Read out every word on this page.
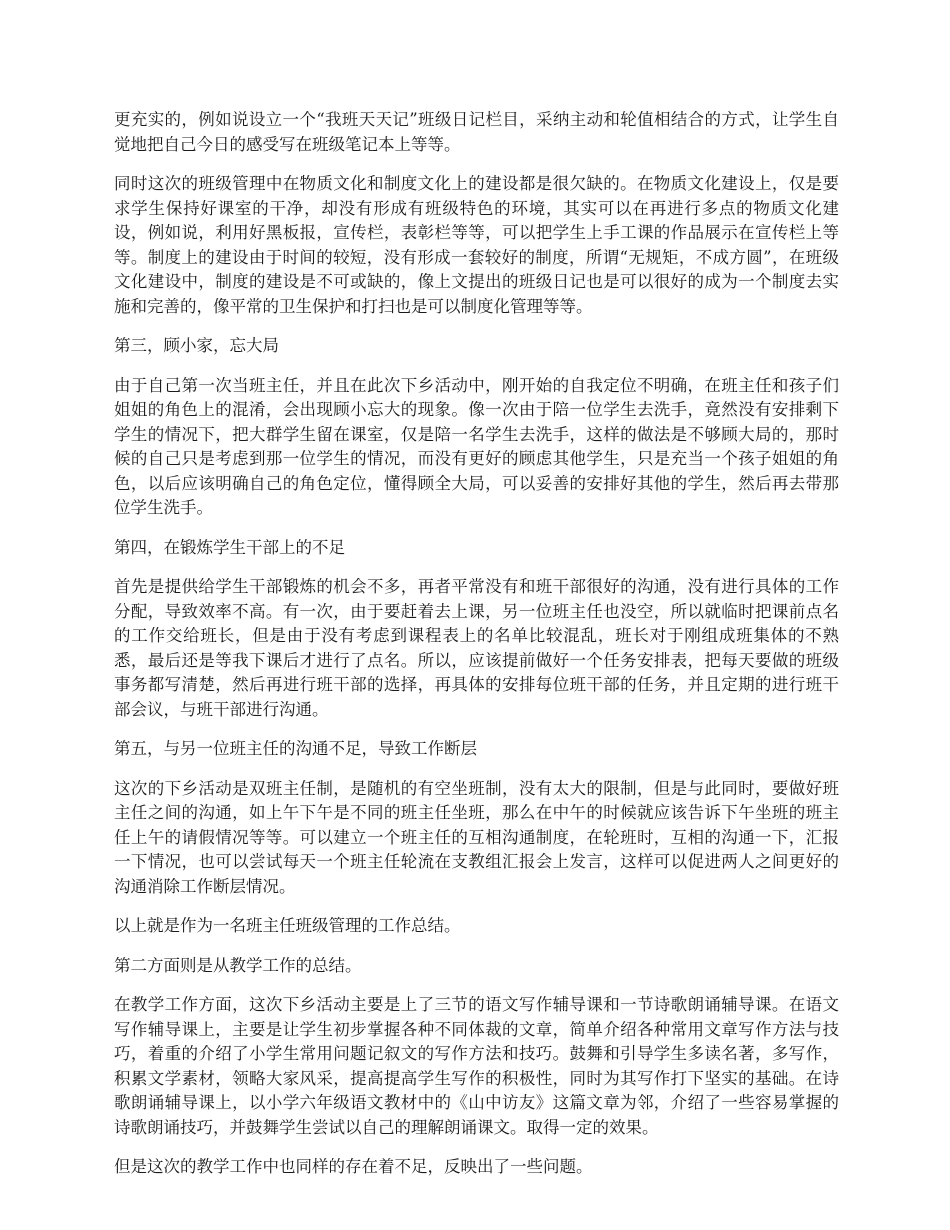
更充实的，例如说设立一个“我班天天记”班级日记栏目，采纳主动和轮值相结合的方式，让学生自觉地把自己今日的感受写在班级笔记本上等等。

同时这次的班级管理中在物质文化和制度文化上的建设都是很欠缺的。在物质文化建设上，仅是要求学生保持好课室的干净，却没有形成有班级特色的环境，其实可以在再进行多点的物质文化建设，例如说，利用好黑板报，宣传栏，表彰栏等等，可以把学生上手工课的作品展示在宣传栏上等等。制度上的建设由于时间的较短，没有形成一套较好的制度，所谓“无规矩，不成方圆”，在班级文化建设中，制度的建设是不可或缺的，像上文提出的班级日记也是可以很好的成为一个制度去实施和完善的，像平常的卫生保护和打扫也是可以制度化管理等等。

第三，顾小家，忘大局

由于自己第一次当班主任，并且在此次下乡活动中，刚开始的自我定位不明确，在班主任和孩子们姐姐的角色上的混淆，会出现顾小忘大的现象。像一次由于陪一位学生去洗手，竟然没有安排剩下学生的情况下，把大群学生留在课室，仅是陪一名学生去洗手，这样的做法是不够顾大局的，那时候的自己只是考虑到那一位学生的情况，而没有更好的顾虑其他学生，只是充当一个孩子姐姐的角色，以后应该明确自己的角色定位，懂得顾全大局，可以妥善的安排好其他的学生，然后再去带那位学生洗手。

第四，在锻炼学生干部上的不足

首先是提供给学生干部锻炼的机会不多，再者平常没有和班干部很好的沟通，没有进行具体的工作分配，导致效率不高。有一次，由于要赶着去上课，另一位班主任也没空，所以就临时把课前点名的工作交给班长，但是由于没有考虑到课程表上的名单比较混乱，班长对于刚组成班集体的不熟悉，最后还是等我下课后才进行了点名。所以，应该提前做好一个任务安排表，把每天要做的班级事务都写清楚，然后再进行班干部的选择，再具体的安排每位班干部的任务，并且定期的进行班干部会议，与班干部进行沟通。

第五，与另一位班主任的沟通不足，导致工作断层

这次的下乡活动是双班主任制，是随机的有空坐班制，没有太大的限制，但是与此同时，要做好班主任之间的沟通，如上午下午是不同的班主任坐班，那么在中午的时候就应该告诉下午坐班的班主任上午的请假情况等等。可以建立一个班主任的互相沟通制度，在轮班时，互相的沟通一下，汇报一下情况，也可以尝试每天一个班主任轮流在支教组汇报会上发言，这样可以促进两人之间更好的沟通消除工作断层情况。

以上就是作为一名班主任班级管理的工作总结。

第二方面则是从教学工作的总结。

在教学工作方面，这次下乡活动主要是上了三节的语文写作辅导课和一节诗歌朗诵辅导课。在语文写作辅导课上，主要是让学生初步掌握各种不同体裁的文章，简单介绍各种常用文章写作方法与技巧，着重的介绍了小学生常用问题记叙文的写作方法和技巧。鼓舞和引导学生多读名著，多写作，积累文学素材，领略大家风采，提高提高学生写作的积极性，同时为其写作打下坚实的基础。在诗歌朗诵辅导课上，以小学六年级语文教材中的《山中访友》这篇文章为邻，介绍了一些容易掌握的诗歌朗诵技巧，并鼓舞学生尝试以自己的理解朗诵课文。取得一定的效果。

但是这次的教学工作中也同样的存在着不足，反映出了一些问题。
